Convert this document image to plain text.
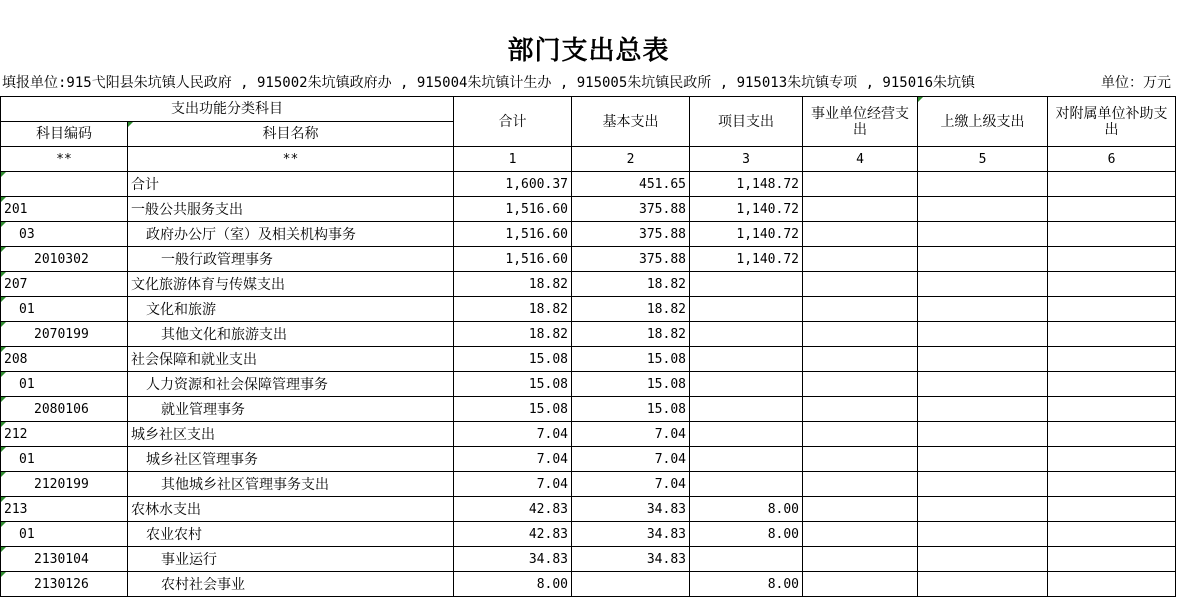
部门支出总表
填报单位:915弋阳县朱坑镇人民政府 , 915002朱坑镇政府办 , 915004朱坑镇计生办 , 915005朱坑镇民政所 , 915013朱坑镇专项 , 915016朱坑镇	单位：万元
支出功能分类科目		合计	基本支出	项目支出	事业单位经营支出	上缴上级支出	对附属单位补助支出
科目编码	科目名称						
**	**	1	2	3	4	5	6
	合计	1,600.37	451.65	1,148.72			
201	一般公共服务支出	1,516.60	375.88	1,140.72			
03	政府办公厅（室）及相关机构事务	1,516.60	375.88	1,140.72			
2010302	一般行政管理事务	1,516.60	375.88	1,140.72			
207	文化旅游体育与传媒支出	18.82	18.82				
01	文化和旅游	18.82	18.82				
2070199	其他文化和旅游支出	18.82	18.82				
208	社会保障和就业支出	15.08	15.08				
01	人力资源和社会保障管理事务	15.08	15.08				
2080106	就业管理事务	15.08	15.08				
212	城乡社区支出	7.04	7.04				
01	城乡社区管理事务	7.04	7.04				
2120199	其他城乡社区管理事务支出	7.04	7.04				
213	农林水支出	42.83	34.83	8.00			
01	农业农村	42.83	34.83	8.00			
2130104	事业运行	34.83	34.83				
2130126	农村社会事业	8.00		8.00			
